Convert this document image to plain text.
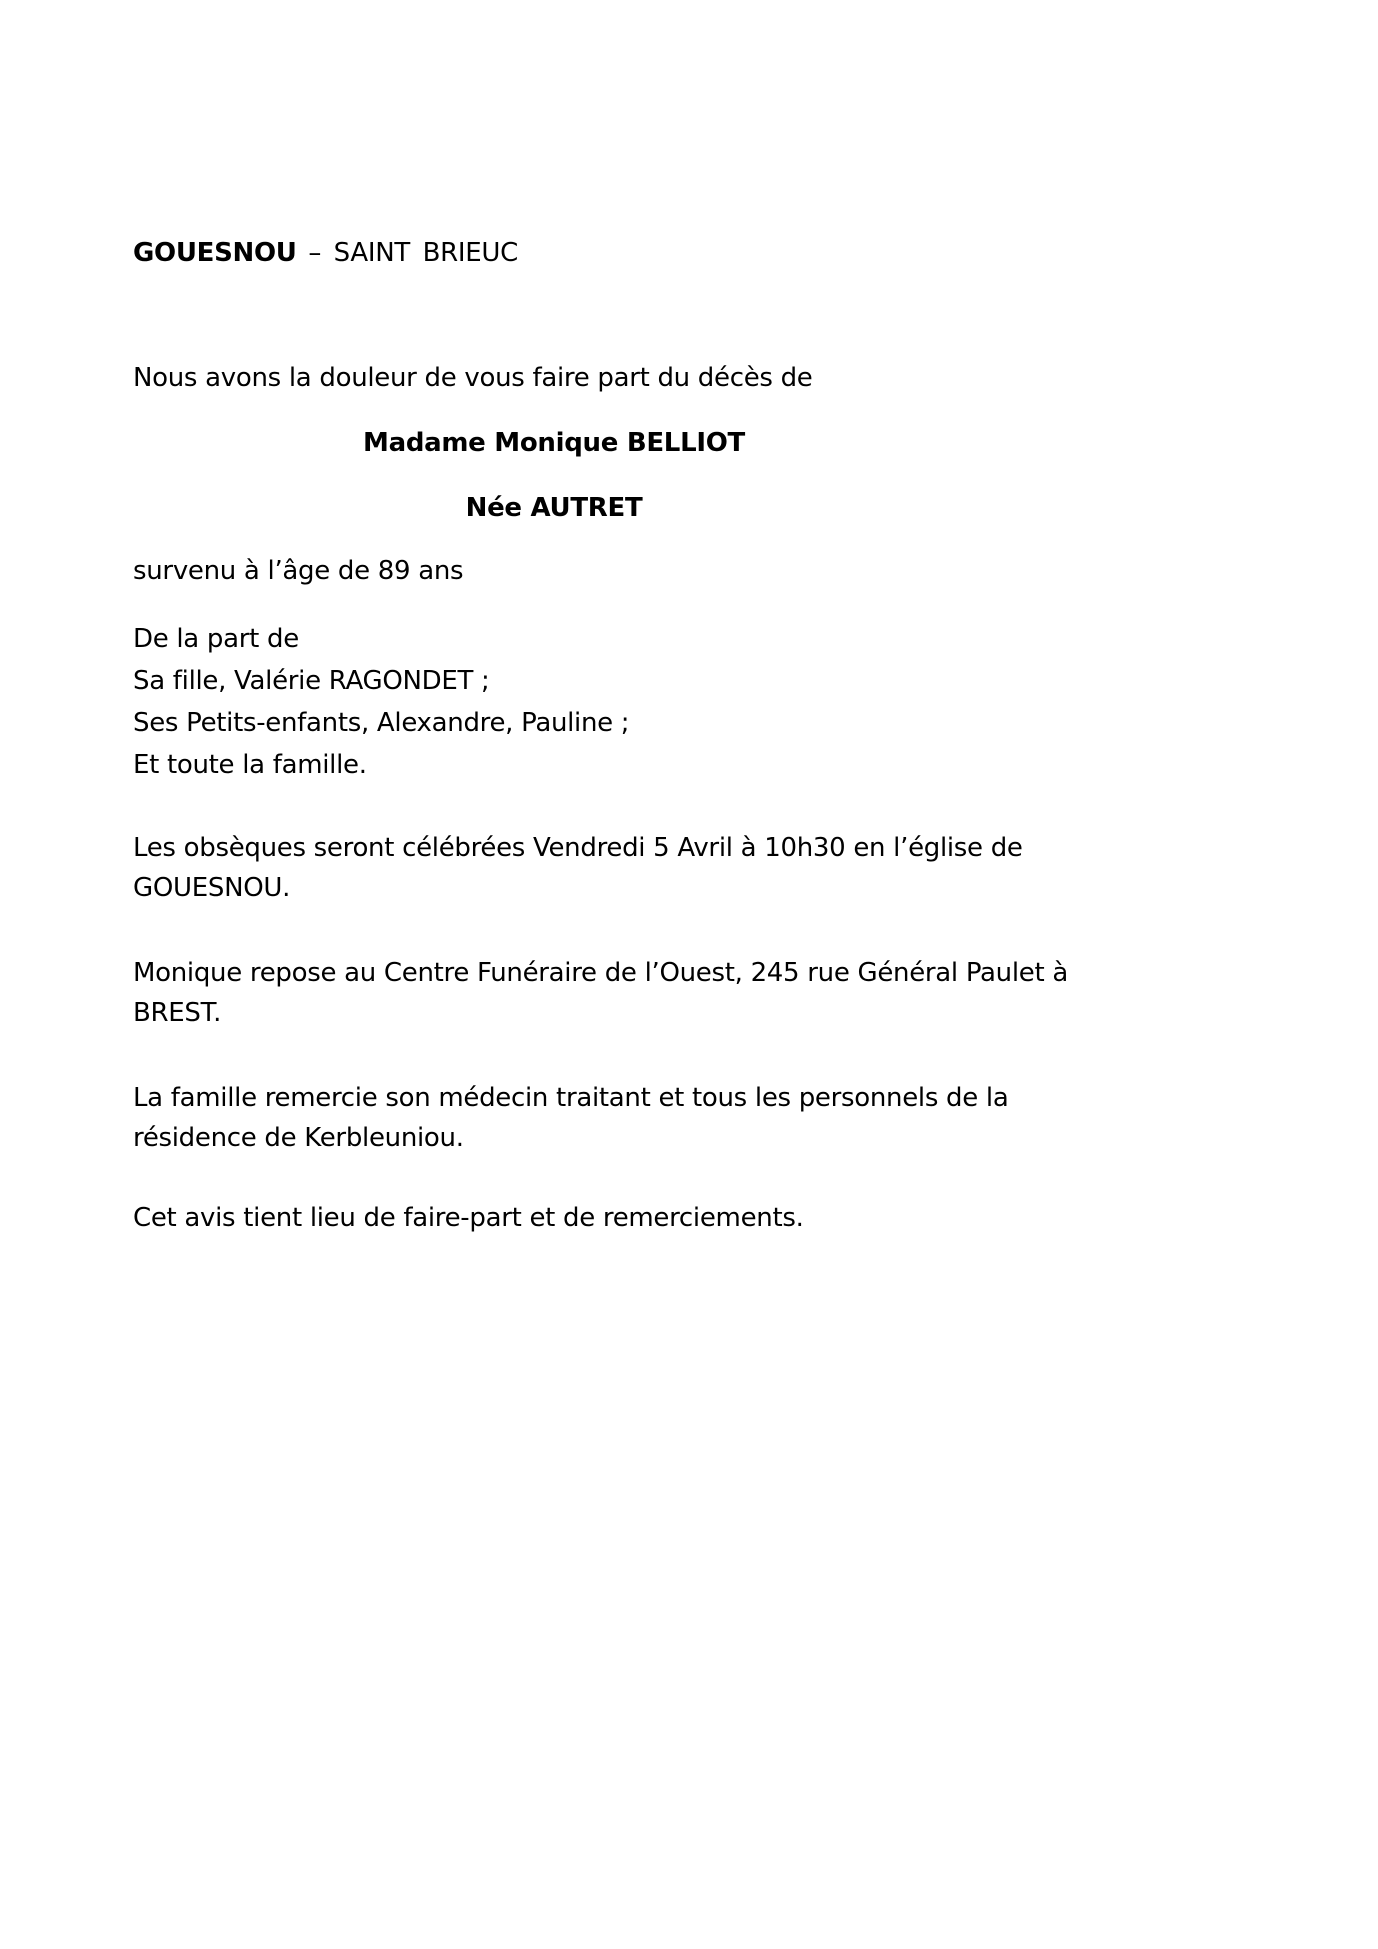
GOUESNOU – SAINT BRIEUC
Nous avons la douleur de vous faire part du décès de
Madame Monique BELLIOT
Née AUTRET
survenu à l’âge de 89 ans
De la part de
Sa fille, Valérie RAGONDET ;
Ses Petits-enfants, Alexandre, Pauline ;
Et toute la famille.
Les obsèques seront célébrées Vendredi 5 Avril à 10h30 en l’église de
GOUESNOU.
Monique repose au Centre Funéraire de l’Ouest, 245 rue Général Paulet à
BREST.
La famille remercie son médecin traitant et tous les personnels de la
résidence de Kerbleuniou.
Cet avis tient lieu de faire-part et de remerciements.
